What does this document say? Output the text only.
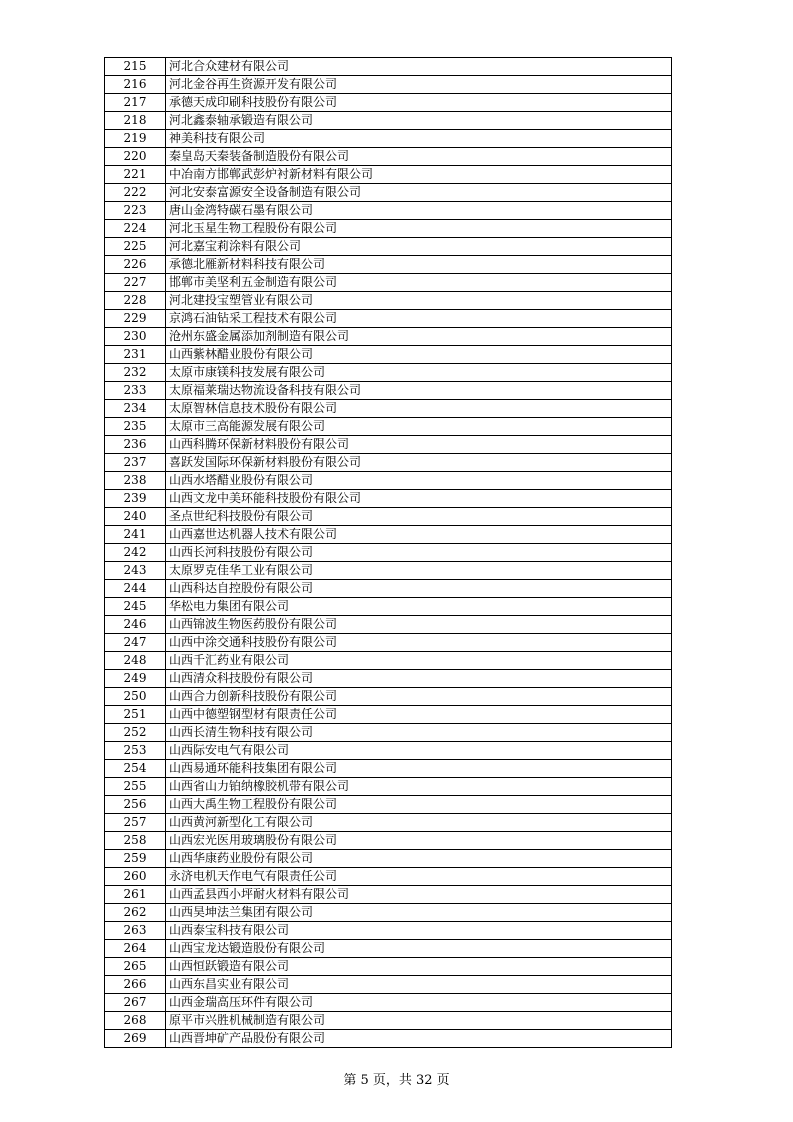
215	河北合众建材有限公司
216	河北金谷再生资源开发有限公司
217	承德天成印刷科技股份有限公司
218	河北鑫泰轴承锻造有限公司
219	神美科技有限公司
220	秦皇岛天秦装备制造股份有限公司
221	中冶南方邯郸武彭炉衬新材料有限公司
222	河北安泰富源安全设备制造有限公司
223	唐山金湾特碳石墨有限公司
224	河北玉星生物工程股份有限公司
225	河北嘉宝莉涂料有限公司
226	承德北雁新材料科技有限公司
227	邯郸市美坚利五金制造有限公司
228	河北建投宝塑管业有限公司
229	京鸿石油钻采工程技术有限公司
230	沧州东盛金属添加剂制造有限公司
231	山西紫林醋业股份有限公司
232	太原市康镁科技发展有限公司
233	太原福莱瑞达物流设备科技有限公司
234	太原智林信息技术股份有限公司
235	太原市三高能源发展有限公司
236	山西科腾环保新材料股份有限公司
237	喜跃发国际环保新材料股份有限公司
238	山西水塔醋业股份有限公司
239	山西文龙中美环能科技股份有限公司
240	圣点世纪科技股份有限公司
241	山西嘉世达机器人技术有限公司
242	山西长河科技股份有限公司
243	太原罗克佳华工业有限公司
244	山西科达自控股份有限公司
245	华松电力集团有限公司
246	山西锦波生物医药股份有限公司
247	山西中涂交通科技股份有限公司
248	山西千汇药业有限公司
249	山西清众科技股份有限公司
250	山西合力创新科技股份有限公司
251	山西中德塑钢型材有限责任公司
252	山西长清生物科技有限公司
253	山西际安电气有限公司
254	山西易通环能科技集团有限公司
255	山西省山力铂纳橡胶机带有限公司
256	山西大禹生物工程股份有限公司
257	山西黄河新型化工有限公司
258	山西宏光医用玻璃股份有限公司
259	山西华康药业股份有限公司
260	永济电机天作电气有限责任公司
261	山西孟县西小坪耐火材料有限公司
262	山西昊坤法兰集团有限公司
263	山西泰宝科技有限公司
264	山西宝龙达锻造股份有限公司
265	山西恒跃锻造有限公司
266	山西东昌实业有限公司
267	山西金瑞高压环件有限公司
268	原平市兴胜机械制造有限公司
269	山西晋坤矿产品股份有限公司
第 5 页，共 32 页
